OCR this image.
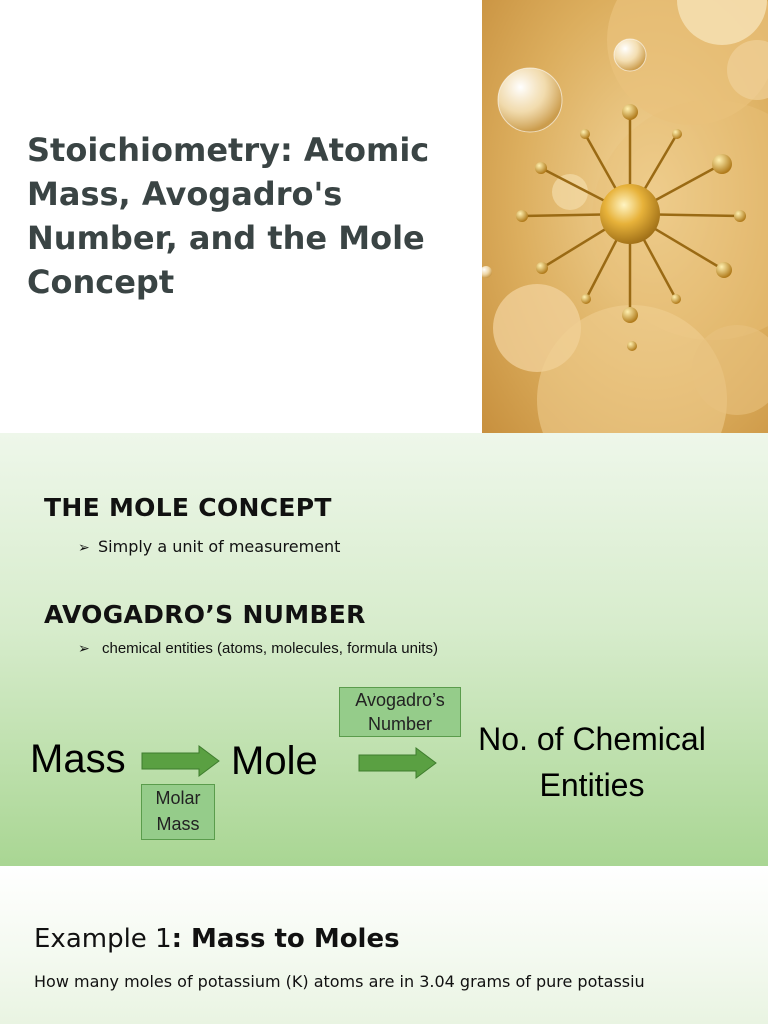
Stoichiometry: Atomic Mass, Avogadro's Number, and the Mole Concept
THE MOLE CONCEPT
➢ Simply a unit of measurement
AVOGADRO’S NUMBER
➢ chemical entities (atoms, molecules, formula units)
Mass
Molar
Mass
Mole
Avogadro’s
Number	No. of Chemical
Entities
Example 1: Mass to Moles
How many moles of potassium (K) atoms are in 3.04 grams of pure potassiu
